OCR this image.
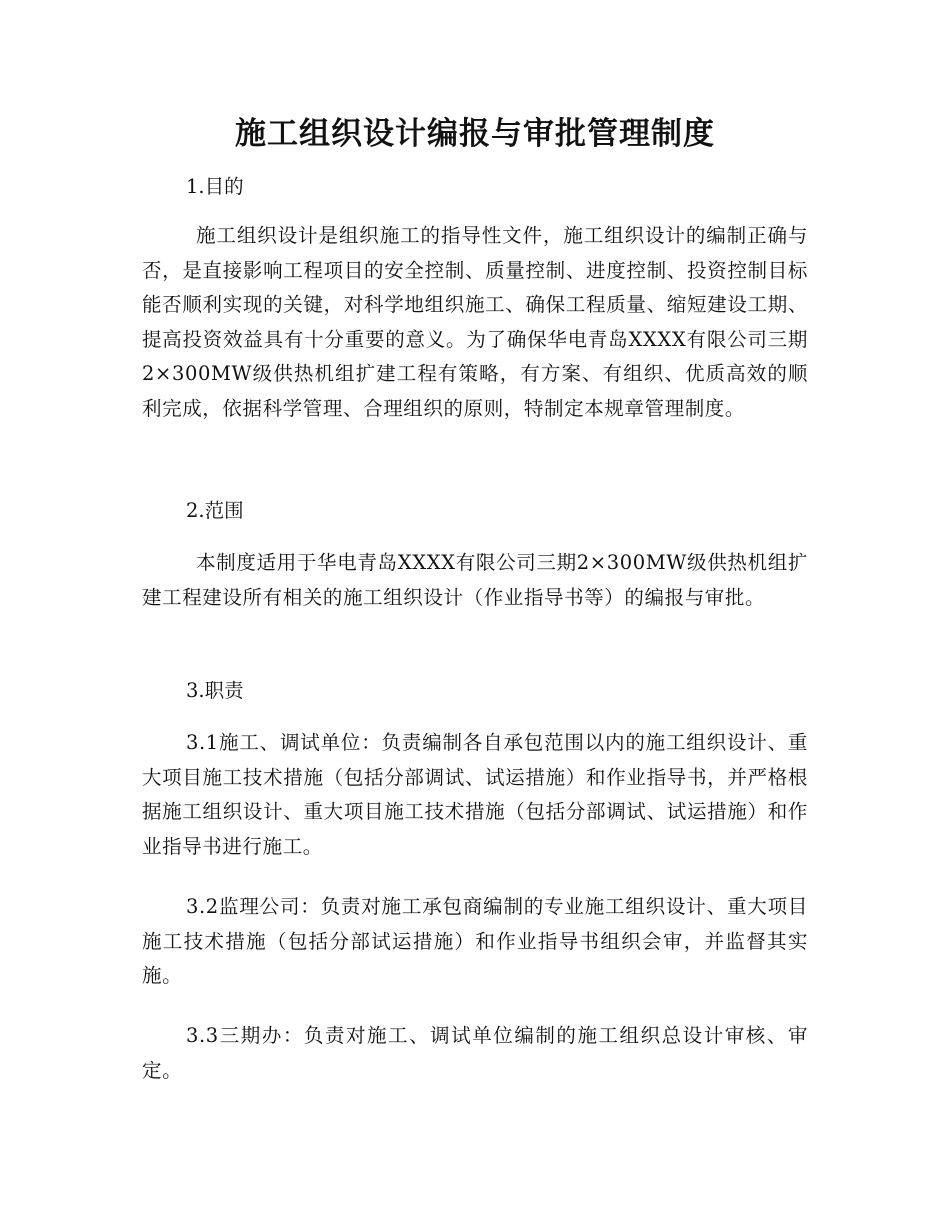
施工组织设计编报与审批管理制度

1.目的

施工组织设计是组织施工的指导性文件，施工组织设计的编制正确与否，是直接影响工程项目的安全控制、质量控制、进度控制、投资控制目标能否顺利实现的关键，对科学地组织施工、确保工程质量、缩短建设工期、提高投资效益具有十分重要的意义。为了确保华电青岛XXXX有限公司三期2×300MW级供热机组扩建工程有策略，有方案、有组织、优质高效的顺利完成，依据科学管理、合理组织的原则，特制定本规章管理制度。

2.范围

本制度适用于华电青岛XXXX有限公司三期2×300MW级供热机组扩建工程建设所有相关的施工组织设计（作业指导书等）的编报与审批。

3.职责

3.1施工、调试单位：负责编制各自承包范围以内的施工组织设计、重大项目施工技术措施（包括分部调试、试运措施）和作业指导书，并严格根据施工组织设计、重大项目施工技术措施（包括分部调试、试运措施）和作业指导书进行施工。

3.2监理公司：负责对施工承包商编制的专业施工组织设计、重大项目施工技术措施（包括分部试运措施）和作业指导书组织会审，并监督其实施。

3.3三期办：负责对施工、调试单位编制的施工组织总设计审核、审定。
